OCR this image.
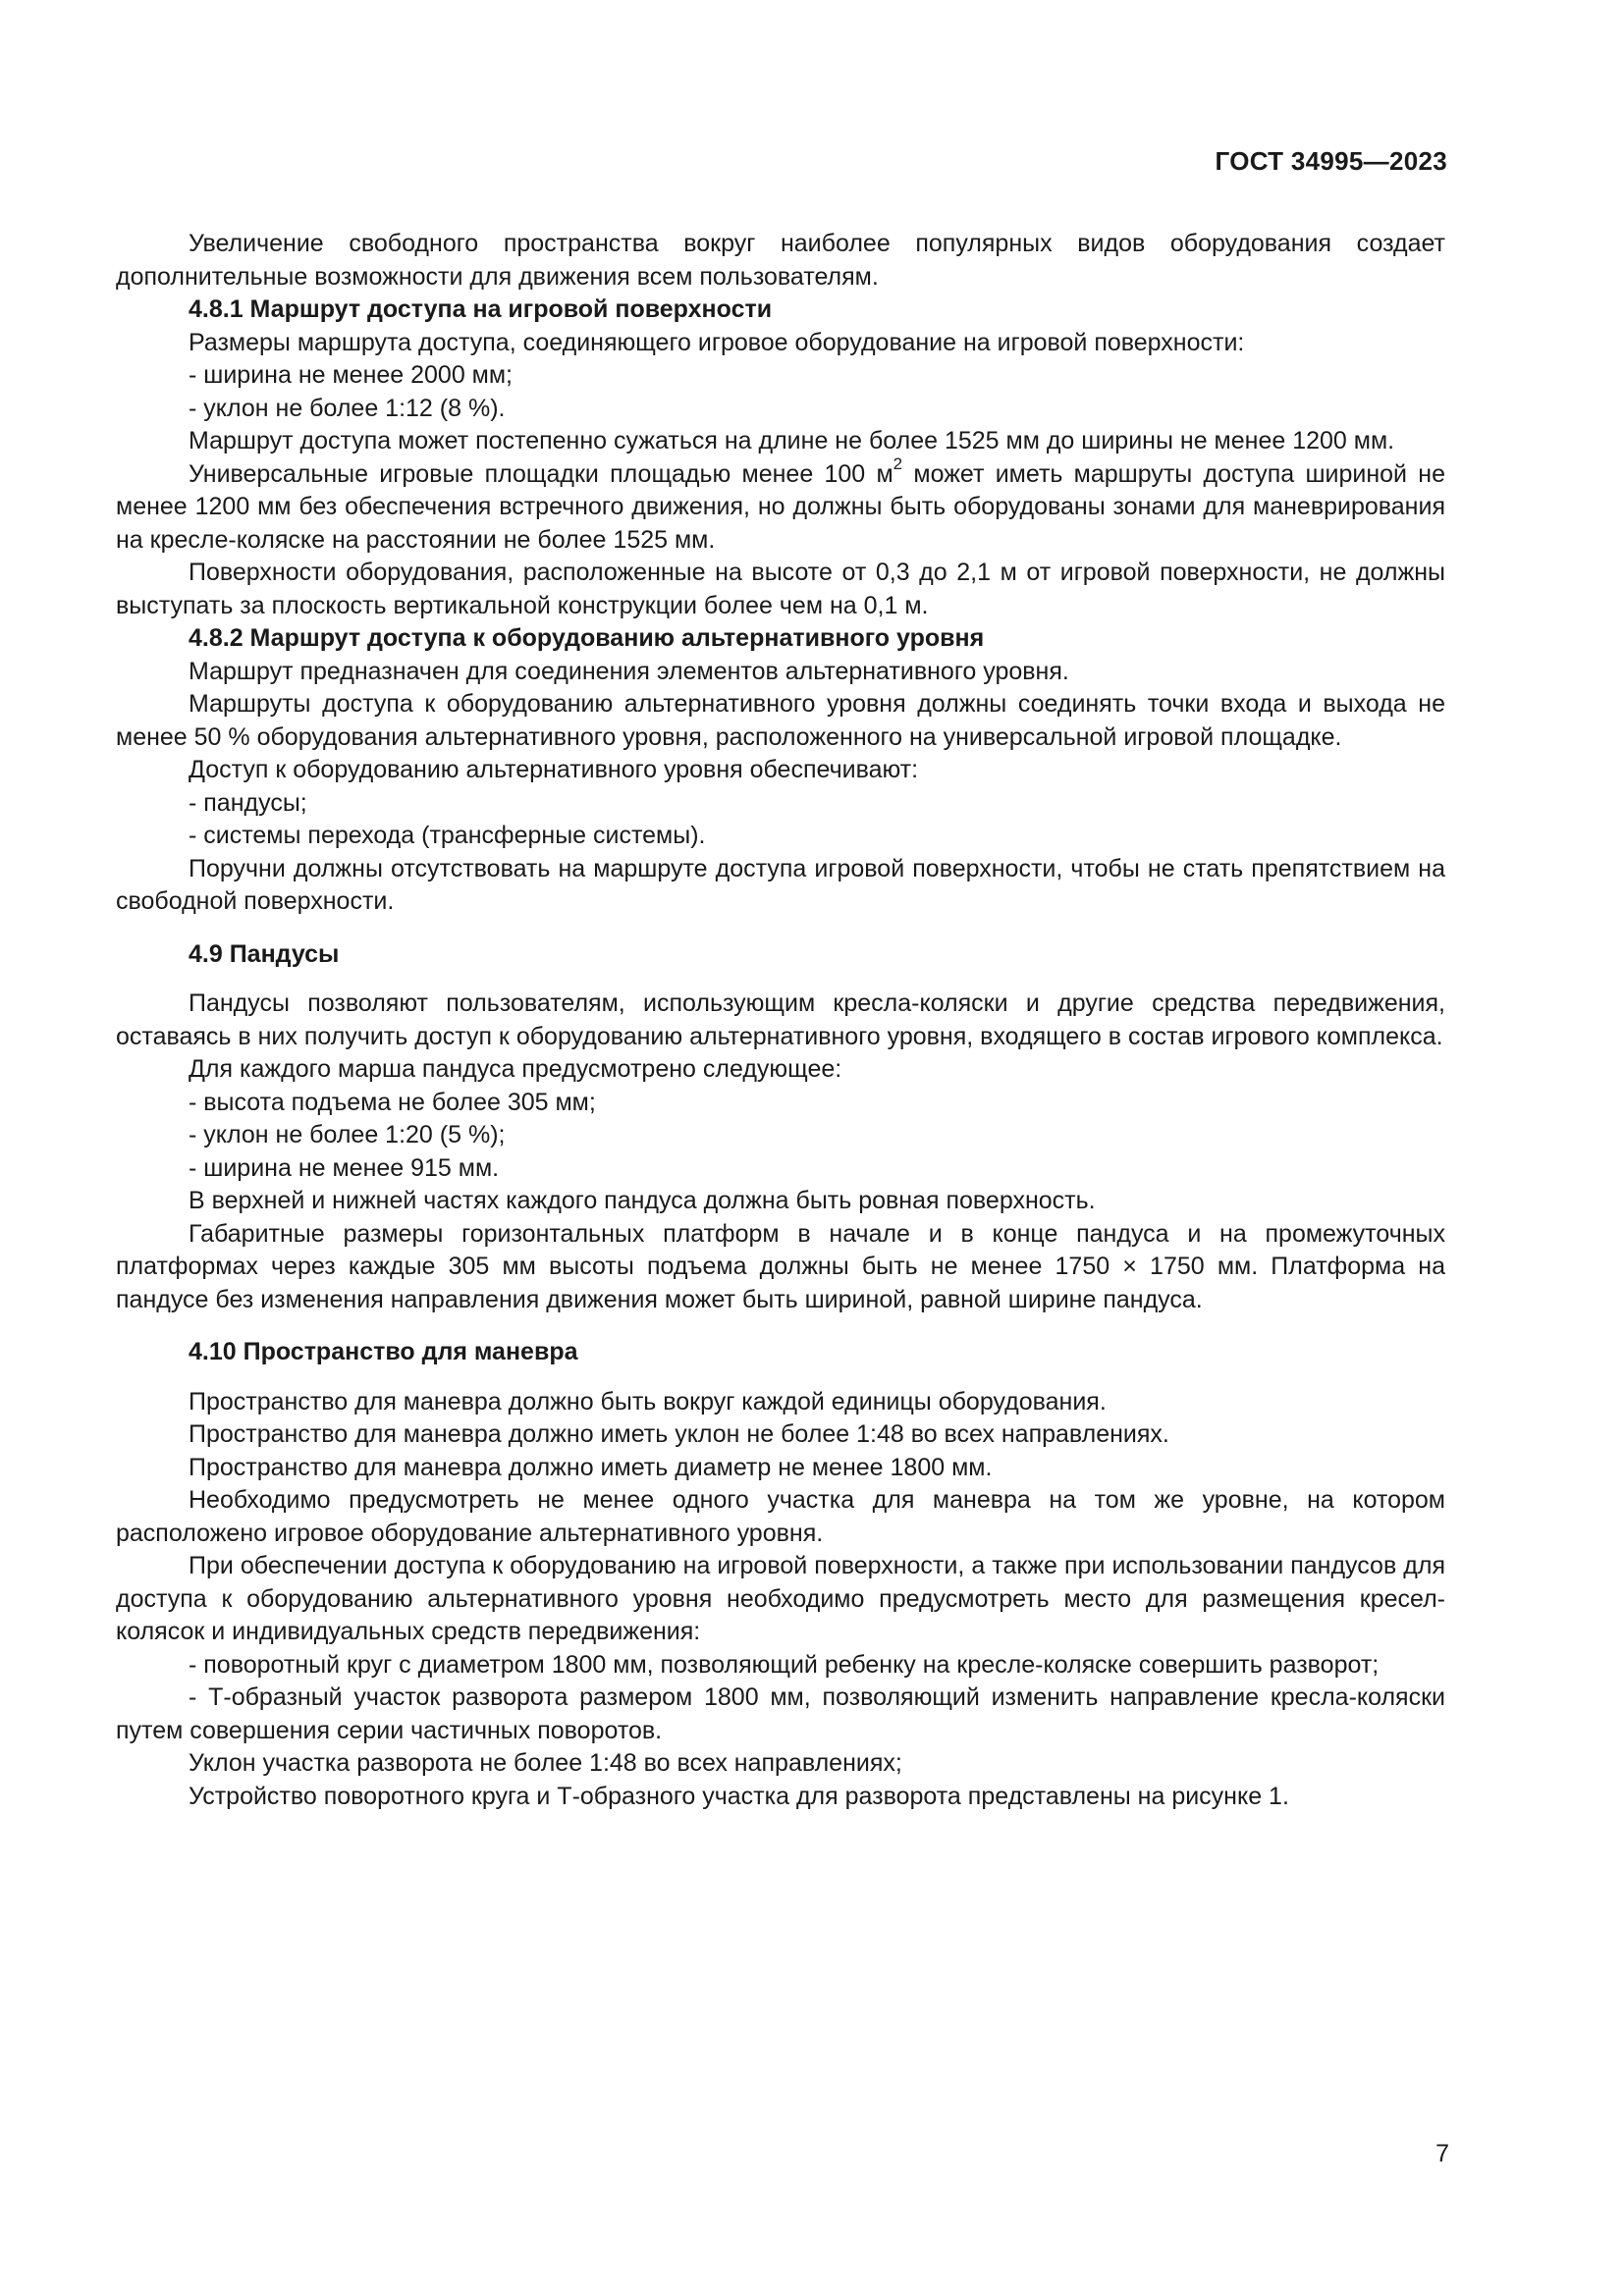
ГОСТ 34995—2023

Увеличение свободного пространства вокруг наиболее популярных видов оборудования создает дополнительные возможности для движения всем пользователям.

4.8.1 Маршрут доступа на игровой поверхности

Размеры маршрута доступа, соединяющего игровое оборудование на игровой поверхности:

- ширина не менее 2000 мм;

- уклон не более 1:12 (8 %).

Маршрут доступа может постепенно сужаться на длине не более 1525 мм до ширины не менее 1200 мм.

Универсальные игровые площадки площадью менее 100 $м^2$ может иметь маршруты доступа шириной не менее 1200 мм без обеспечения встречного движения, но должны быть оборудованы зонами для маневрирования на кресле-коляске на расстоянии не более 1525 мм.

Поверхности оборудования, расположенные на высоте от 0,3 до 2,1 м от игровой поверхности, не должны выступать за плоскость вертикальной конструкции более чем на 0,1 м.

4.8.2 Маршрут доступа к оборудованию альтернативного уровня

Маршрут предназначен для соединения элементов альтернативного уровня.

Маршруты доступа к оборудованию альтернативного уровня должны соединять точки входа и выхода не менее 50 % оборудования альтернативного уровня, расположенного на универсальной игровой площадке.

Доступ к оборудованию альтернативного уровня обеспечивают:

- пандусы;

- системы перехода (трансферные системы).

Поручни должны отсутствовать на маршруте доступа игровой поверхности, чтобы не стать препятствием на свободной поверхности.

4.9 Пандусы

Пандусы позволяют пользователям, использующим кресла-коляски и другие средства передвижения, оставаясь в них получить доступ к оборудованию альтернативного уровня, входящего в состав игрового комплекса.

Для каждого марша пандуса предусмотрено следующее:

- высота подъема не более 305 мм;

- уклон не более 1:20 (5 %);

- ширина не менее 915 мм.

В верхней и нижней частях каждого пандуса должна быть ровная поверхность.

Габаритные размеры горизонтальных платформ в начале и в конце пандуса и на промежуточных платформах через каждые 305 мм высоты подъема должны быть не менее 1750 × 1750 мм. Платформа на пандусе без изменения направления движения может быть шириной, равной ширине пандуса.

4.10 Пространство для маневра

Пространство для маневра должно быть вокруг каждой единицы оборудования.

Пространство для маневра должно иметь уклон не более 1:48 во всех направлениях.

Пространство для маневра должно иметь диаметр не менее 1800 мм.

Необходимо предусмотреть не менее одного участка для маневра на том же уровне, на котором расположено игровое оборудование альтернативного уровня.

При обеспечении доступа к оборудованию на игровой поверхности, а также при использовании пандусов для доступа к оборудованию альтернативного уровня необходимо предусмотреть место для размещения кресел-колясок и индивидуальных средств передвижения:

- поворотный круг с диаметром 1800 мм, позволяющий ребенку на кресле-коляске совершить разворот;

- Т-образный участок разворота размером 1800 мм, позволяющий изменить направление кресла-коляски путем совершения серии частичных поворотов.

Уклон участка разворота не более 1:48 во всех направлениях;

Устройство поворотного круга и Т-образного участка для разворота представлены на рисунке 1.

7
